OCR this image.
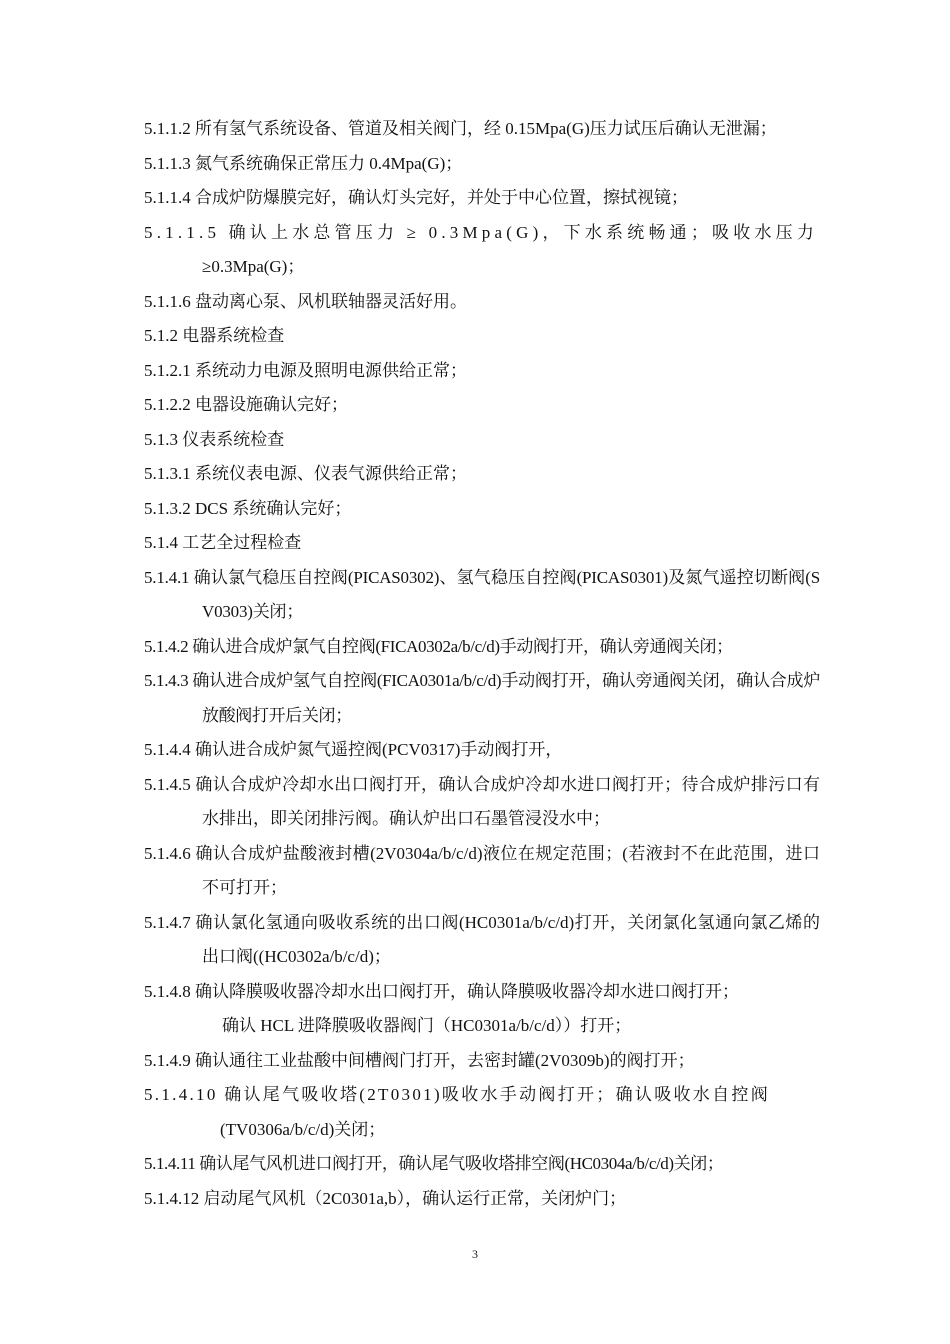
5.1.1.2 所有氢气系统设备、管道及相关阀门，经 0.15Mpa(G)压力试压后确认无泄漏；

5.1.1.3 氮气系统确保正常压力 0.4Mpa(G)；

5.1.1.4 合成炉防爆膜完好，确认灯头完好，并处于中心位置，擦拭视镜；

5.1.1.5 确认上水总管压力 ≥ 0.3Mpa(G)，下水系统畅通；吸收水压力

≥0.3Mpa(G)；

5.1.1.6 盘动离心泵、风机联轴器灵活好用。

5.1.2 电器系统检查

5.1.2.1 系统动力电源及照明电源供给正常；

5.1.2.2 电器设施确认完好；

5.1.3 仪表系统检查

5.1.3.1 系统仪表电源、仪表气源供给正常；

5.1.3.2 DCS 系统确认完好；

5.1.4 工艺全过程检查

5.1.4.1 确认氯气稳压自控阀(PICAS0302)、氢气稳压自控阀(PICAS0301)及氮气遥控切断阀(SV0303)关闭；

5.1.4.2 确认进合成炉氯气自控阀(FICA0302a/b/c/d)手动阀打开，确认旁通阀关闭；

5.1.4.3 确认进合成炉氢气自控阀(FICA0301a/b/c/d)手动阀打开，确认旁通阀关闭，确认合成炉放酸阀打开后关闭；

5.1.4.4 确认进合成炉氮气遥控阀(PCV0317)手动阀打开，

5.1.4.5 确认合成炉冷却水出口阀打开，确认合成炉冷却水进口阀打开；待合成炉排污口有水排出，即关闭排污阀。确认炉出口石墨管浸没水中；

5.1.4.6 确认合成炉盐酸液封槽(2V0304a/b/c/d)液位在规定范围；(若液封不在此范围，进口不可打开；

5.1.4.7 确认氯化氢通向吸收系统的出口阀(HC0301a/b/c/d)打开，关闭氯化氢通向氯乙烯的出口阀((HC0302a/b/c/d)；

5.1.4.8 确认降膜吸收器冷却水出口阀打开，确认降膜吸收器冷却水进口阀打开；

确认 HCL 进降膜吸收器阀门（HC0301a/b/c/d））打开；

5.1.4.9 确认通往工业盐酸中间槽阀门打开，去密封罐(2V0309b)的阀打开；

5.1.4.10 确认尾气吸收塔(2T0301)吸收水手动阀打开；确认吸收水自控阀

(TV0306a/b/c/d)关闭；

5.1.4.11 确认尾气风机进口阀打开，确认尾气吸收塔排空阀(HC0304a/b/c/d)关闭；

5.1.4.12 启动尾气风机（2C0301a,b），确认运行正常，关闭炉门；

3
